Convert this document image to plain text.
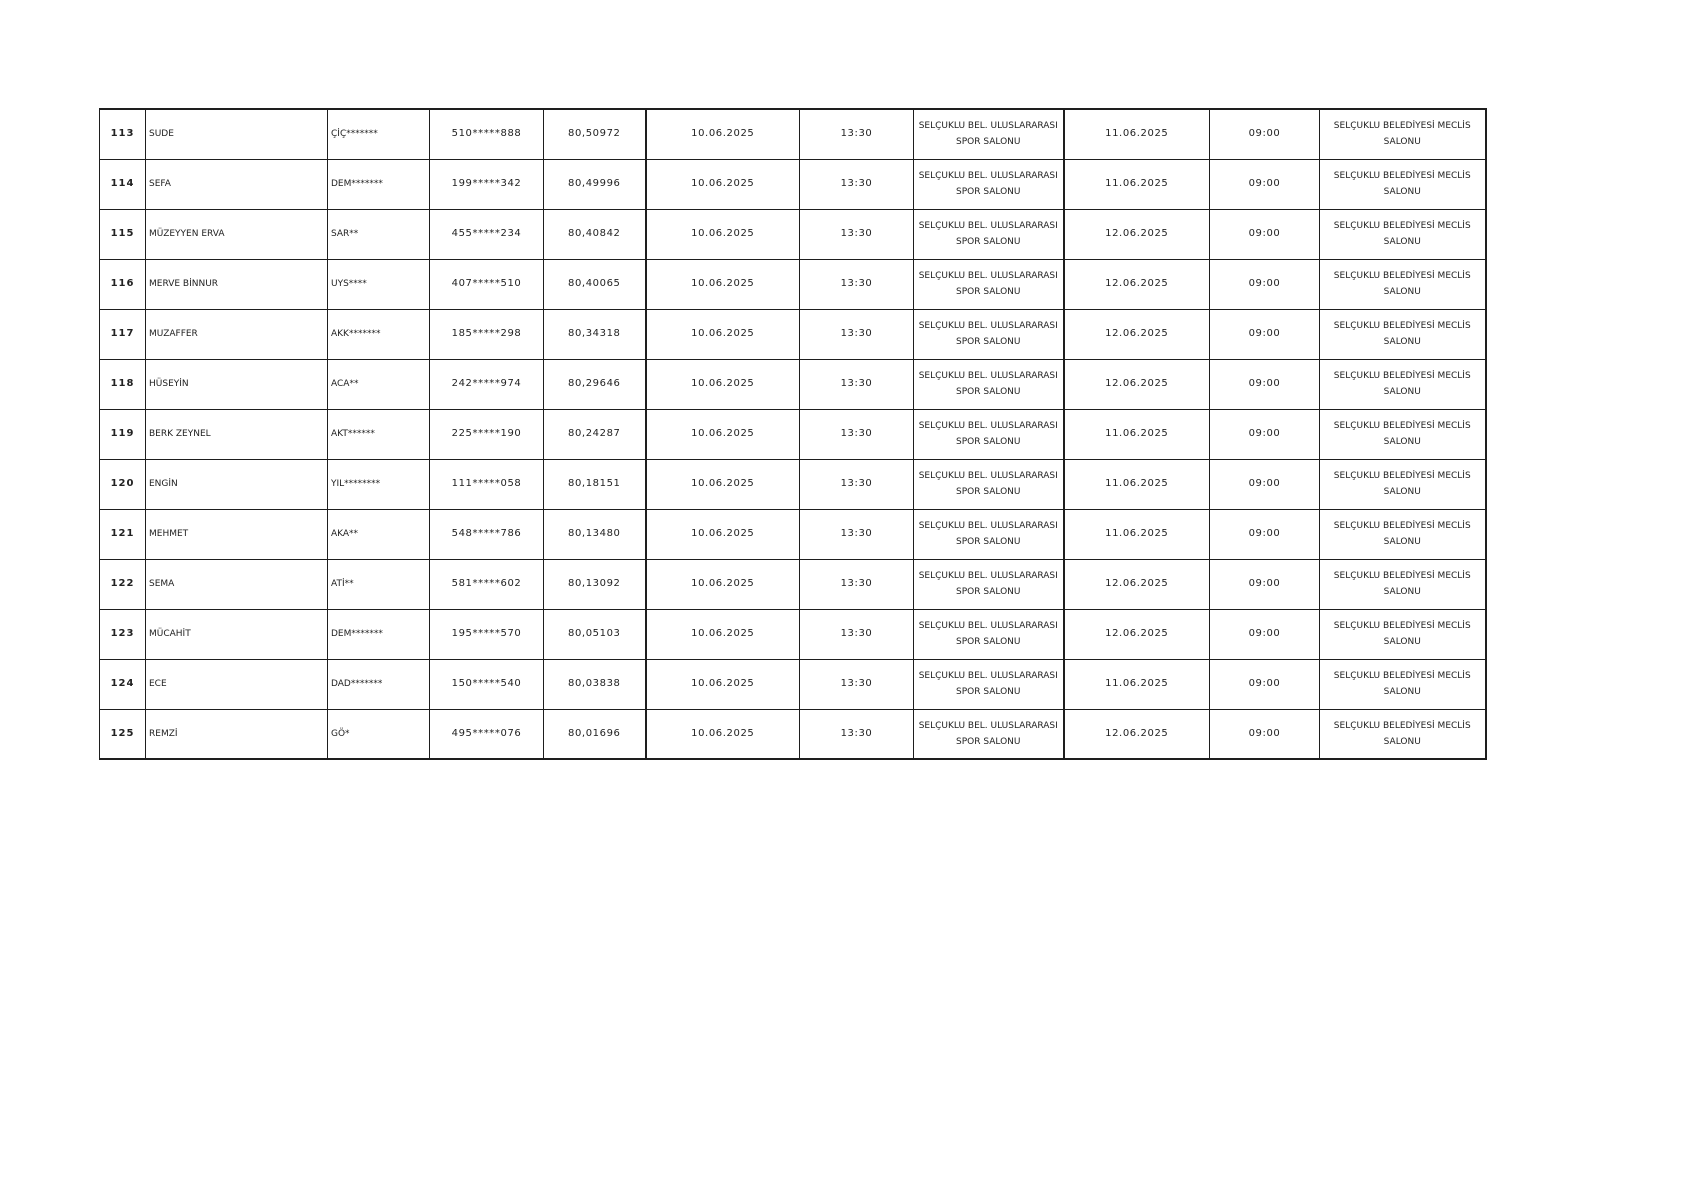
113	SUDE	ÇİÇ*******	510*****888	80,50972	10.06.2025	13:30	SELÇUKLU BEL. ULUSLARARASI SPOR SALONU	11.06.2025	09:00	SELÇUKLU BELEDİYESİ MECLİS SALONU
114	SEFA	DEM*******	199*****342	80,49996	10.06.2025	13:30	SELÇUKLU BEL. ULUSLARARASI SPOR SALONU	11.06.2025	09:00	SELÇUKLU BELEDİYESİ MECLİS SALONU
115	MÜZEYYEN ERVA	SAR**	455*****234	80,40842	10.06.2025	13:30	SELÇUKLU BEL. ULUSLARARASI SPOR SALONU	12.06.2025	09:00	SELÇUKLU BELEDİYESİ MECLİS SALONU
116	MERVE BİNNUR	UYS****	407*****510	80,40065	10.06.2025	13:30	SELÇUKLU BEL. ULUSLARARASI SPOR SALONU	12.06.2025	09:00	SELÇUKLU BELEDİYESİ MECLİS SALONU
117	MUZAFFER	AKK*******	185*****298	80,34318	10.06.2025	13:30	SELÇUKLU BEL. ULUSLARARASI SPOR SALONU	12.06.2025	09:00	SELÇUKLU BELEDİYESİ MECLİS SALONU
118	HÜSEYİN	ACA**	242*****974	80,29646	10.06.2025	13:30	SELÇUKLU BEL. ULUSLARARASI SPOR SALONU	12.06.2025	09:00	SELÇUKLU BELEDİYESİ MECLİS SALONU
119	BERK ZEYNEL	AKT******	225*****190	80,24287	10.06.2025	13:30	SELÇUKLU BEL. ULUSLARARASI SPOR SALONU	11.06.2025	09:00	SELÇUKLU BELEDİYESİ MECLİS SALONU
120	ENGİN	YIL********	111*****058	80,18151	10.06.2025	13:30	SELÇUKLU BEL. ULUSLARARASI SPOR SALONU	11.06.2025	09:00	SELÇUKLU BELEDİYESİ MECLİS SALONU
121	MEHMET	AKA**	548*****786	80,13480	10.06.2025	13:30	SELÇUKLU BEL. ULUSLARARASI SPOR SALONU	11.06.2025	09:00	SELÇUKLU BELEDİYESİ MECLİS SALONU
122	SEMA	ATİ**	581*****602	80,13092	10.06.2025	13:30	SELÇUKLU BEL. ULUSLARARASI SPOR SALONU	12.06.2025	09:00	SELÇUKLU BELEDİYESİ MECLİS SALONU
123	MÜCAHİT	DEM*******	195*****570	80,05103	10.06.2025	13:30	SELÇUKLU BEL. ULUSLARARASI SPOR SALONU	12.06.2025	09:00	SELÇUKLU BELEDİYESİ MECLİS SALONU
124	ECE	DAD*******	150*****540	80,03838	10.06.2025	13:30	SELÇUKLU BEL. ULUSLARARASI SPOR SALONU	11.06.2025	09:00	SELÇUKLU BELEDİYESİ MECLİS SALONU
125	REMZİ	GÖ*	495*****076	80,01696	10.06.2025	13:30	SELÇUKLU BEL. ULUSLARARASI SPOR SALONU	12.06.2025	09:00	SELÇUKLU BELEDİYESİ MECLİS SALONU
